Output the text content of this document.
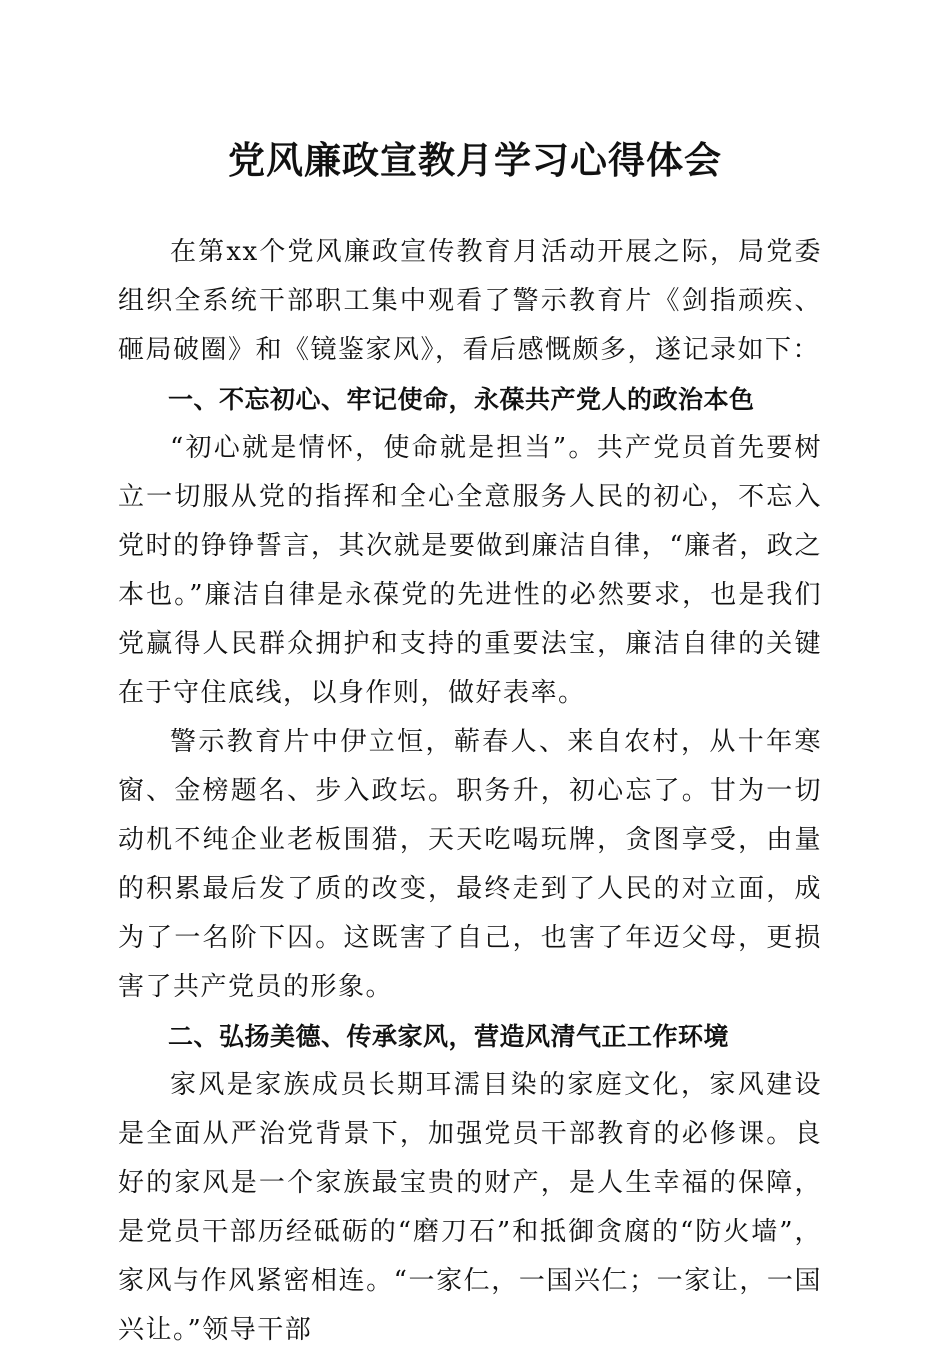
党风廉政宣教月学习心得体会

在第xx个党风廉政宣传教育月活动开展之际，局党委组织全系统干部职工集中观看了警示教育片《剑指顽疾、砸局破圈》和《镜鉴家风》，看后感慨颇多，遂记录如下：

一、不忘初心、牢记使命，永葆共产党人的政治本色

“初心就是情怀，使命就是担当”。共产党员首先要树立一切服从党的指挥和全心全意服务人民的初心，不忘入党时的铮铮誓言，其次就是要做到廉洁自律，“廉者，政之本也。”廉洁自律是永葆党的先进性的必然要求，也是我们党赢得人民群众拥护和支持的重要法宝，廉洁自律的关键在于守住底线，以身作则，做好表率。

警示教育片中伊立恒，蕲春人、来自农村，从十年寒窗、金榜题名、步入政坛。职务升，初心忘了。甘为一切动机不纯企业老板围猎，天天吃喝玩牌，贪图享受，由量的积累最后发了质的改变，最终走到了人民的对立面，成为了一名阶下囚。这既害了自己，也害了年迈父母，更损害了共产党员的形象。

二、弘扬美德、传承家风，营造风清气正工作环境

家风是家族成员长期耳濡目染的家庭文化，家风建设是全面从严治党背景下，加强党员干部教育的必修课。良好的家风是一个家族最宝贵的财产，是人生幸福的保障，是党员干部历经砥砺的“磨刀石”和抵御贪腐的“防火墙”，家风与作风紧密相连。“一家仁，一国兴仁；一家让，一国兴让。”领导干部
